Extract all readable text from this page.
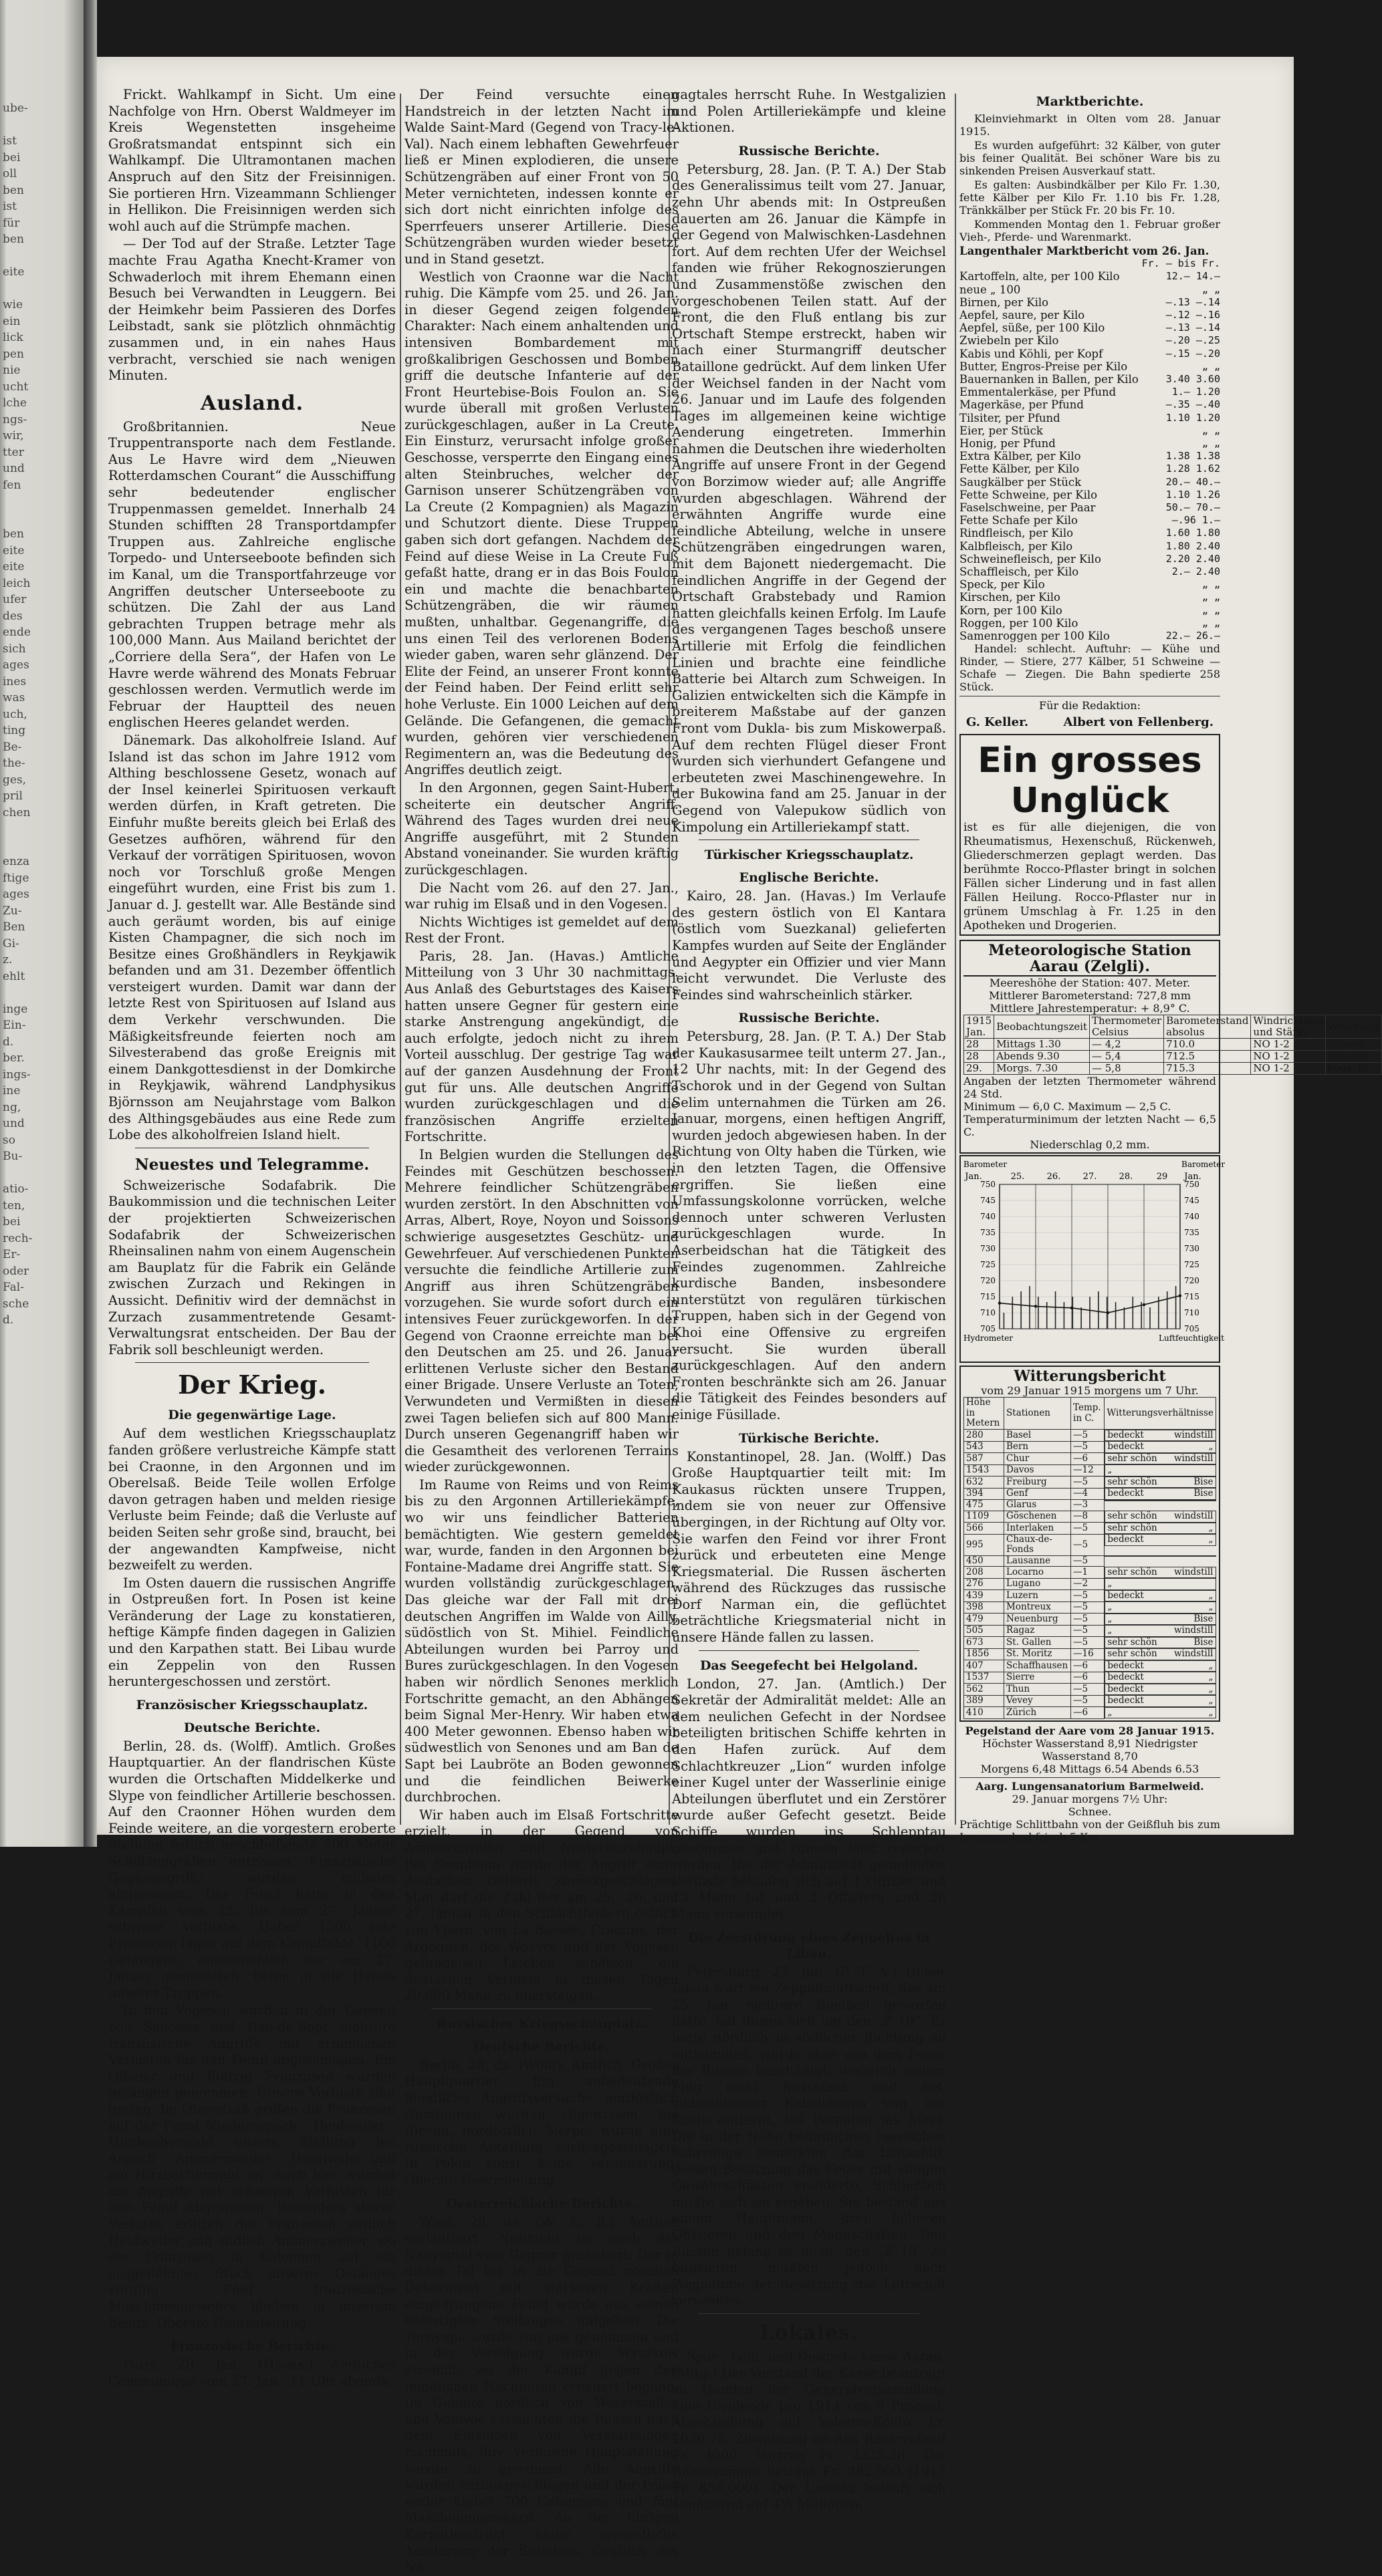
ube-

ist
bei
oll
ben
ist
für
ben

eite

wie
ein
lick
pen
nie
ucht
lche
ngs-
wir,
tter
und
fen

ben
eite
eite
leich
ufer
des
ende
sich
ages
ines
was
uch,
ting
Be-
the-
ges,
pril
chen

enza
ftige
ages
Zu-
Ben
Gi-
z.
ehlt

inge
Ein-
d.
ber.
ings-
ine
ng,
und
so
Bu-

atio-
ten,
bei
rech-
Er-
oder
Fal-
sche
d.

Frickt. Wahlkampf in Sicht. Um eine Nachfolge von Hrn. Oberst Waldmeyer im Kreis Wegenstetten insgeheime Großratsmandat entspinnt sich ein Wahlkampf. Die Ultramontanen machen Anspruch auf den Sitz der Freisinnigen. Sie portieren Hrn. Vizeammann Schlienger in Hellikon. Die Freisinnigen werden sich wohl auch auf die Strümpfe machen.

— Der Tod auf der Straße. Letzter Tage machte Frau Agatha Knecht-Kramer von Schwaderloch mit ihrem Ehemann einen Besuch bei Verwandten in Leuggern. Bei der Heimkehr beim Passieren des Dorfes Leibstadt, sank sie plötzlich ohnmächtig zusammen und, in ein nahes Haus verbracht, verschied sie nach wenigen Minuten.

Ausland.

Großbritannien. Neue Truppentransporte nach dem Festlande. Aus Le Havre wird dem „Nieuwen Rotterdamschen Courant“ die Ausschiffung sehr bedeutender englischer Truppenmassen gemeldet. Innerhalb 24 Stunden schifften 28 Transportdampfer Truppen aus. Zahlreiche englische Torpedo- und Unterseeboote befinden sich im Kanal, um die Transportfahrzeuge vor Angriffen deutscher Unterseeboote zu schützen. Die Zahl der aus Land gebrachten Truppen betrage mehr als 100,000 Mann. Aus Mailand berichtet der „Corriere della Sera“, der Hafen von Le Havre werde während des Monats Februar geschlossen werden. Vermutlich werde im Februar der Hauptteil des neuen englischen Heeres gelandet werden.

Dänemark. Das alkoholfreie Island. Auf Island ist das schon im Jahre 1912 vom Althing beschlossene Gesetz, wonach auf der Insel keinerlei Spirituosen verkauft werden dürfen, in Kraft getreten. Die Einfuhr mußte bereits gleich bei Erlaß des Gesetzes aufhören, während für den Verkauf der vorrätigen Spirituosen, wovon noch vor Torschluß große Mengen eingeführt wurden, eine Frist bis zum 1. Januar d. J. gestellt war. Alle Bestände sind auch geräumt worden, bis auf einige Kisten Champagner, die sich noch im Besitze eines Großhändlers in Reykjawik befanden und am 31. Dezember öffentlich versteigert wurden. Damit war dann der letzte Rest von Spirituosen auf Island aus dem Verkehr verschwunden. Die Mäßigkeitsfreunde feierten noch am Silvesterabend das große Ereignis mit einem Dankgottesdienst in der Domkirche in Reykjawik, während Landphysikus Björnsson am Neujahrstage vom Balkon des Althingsgebäudes aus eine Rede zum Lobe des alkoholfreien Island hielt.

Neuestes und Telegramme.

Schweizerische Sodafabrik. Die Baukommission und die technischen Leiter der projektierten Schweizerischen Sodafabrik der Schweizerischen Rheinsalinen nahm von einem Augenschein am Bauplatz für die Fabrik ein Gelände zwischen Zurzach und Rekingen in Aussicht. Definitiv wird der demnächst in Zurzach zusammentretende Gesamt-Verwaltungsrat entscheiden. Der Bau der Fabrik soll beschleunigt werden.

Der Krieg.
Die gegenwärtige Lage.

Auf dem westlichen Kriegsschauplatz fanden größere verlustreiche Kämpfe statt bei Craonne, in den Argonnen und im Oberelsaß. Beide Teile wollen Erfolge davon getragen haben und melden riesige Verluste beim Feinde; daß die Verluste auf beiden Seiten sehr große sind, braucht, bei der angewandten Kampfweise, nicht bezweifelt zu werden.

Im Osten dauern die russischen Angriffe in Ostpreußen fort. In Posen ist keine Veränderung der Lage zu konstatieren, heftige Kämpfe finden dagegen in Galizien und den Karpathen statt. Bei Libau wurde ein Zeppelin von den Russen heruntergeschossen und zerstört.

Französischer Kriegsschauplatz.
Deutsche Berichte.

Berlin, 28. ds. (Wolff). Amtlich. Großes Hauptquartier. An der flandrischen Küste wurden die Ortschaften Middelkerke und Slype von feindlicher Artillerie beschossen. Auf den Craonner Höhen wurden dem Feinde weitere, an die vorgestern eroberte Stellung östlich anschließende 500 Meter Schützengräben entrissen. Französische Gegenangriffe wurden mühelos abgewiesen. Der Feind hatte in den Kämpfen vom 25. bis zum 27. Januar schwere Verluste. Ueber 1500 tote Franzosen lagen auf dem Kampffelde. 1100 Gefangene, einschließlich der am 27. Januar gemeldeten, fielen in die Hände unserer Truppen.

In den Vogesen wurden in der Gegend von Senones und Ban-de-Sapt mehrere französische Angriffe mit erheblichen Verlusten für den Feind abgeschlagen. Ein Offizier und fünfzig Franzosen wurden gefangen genommen. Unsere Verluste sind gering. Im Oberelsaß griffen die Franzosen auf der Front Niederaspach - Heidweiler - Hirzbacherwald unsere Stellung bei Aspach - Ammerzweiler - Heidweiler und am Hirzbacherwald an. Auch hier wurden die Angriffe mit schweren Verlusten für den Feind abgewiesen. Besonders starke Verluste erlitten die Franzosen südlich Heidweiler und südlich Ammerzweiler, wo ein Franzosen in Kolonnen auf ein ausgedehntes Stück unseres Geländes vorging. Fünf französische Maschinengewehre blieben in unserem Besitz. Oberste Heeresleitung.

Französische Berichte.

Paris, 28. Jan. (Havas.) Amtliches Communiqué vom 27. Jan., 11 Uhr abends:

Der Feind versuchte einen Handstreich in der letzten Nacht im Walde Saint-Mard (Gegend von Tracy-le-Val). Nach einem lebhaften Gewehrfeuer ließ er Minen explodieren, die unsere Schützengräben auf einer Front von 50 Meter vernichteten, indessen konnte er sich dort nicht einrichten infolge des Sperrfeuers unserer Artillerie. Diese Schützengräben wurden wieder besetzt und in Stand gesetzt.

Westlich von Craonne war die Nacht ruhig. Die Kämpfe vom 25. und 26. Jan. in dieser Gegend zeigen folgenden Charakter: Nach einem anhaltenden und intensiven Bombardement mit großkalibrigen Geschossen und Bomben griff die deutsche Infanterie auf der Front Heurtebise-Bois Foulon an. Sie wurde überall mit großen Verlusten zurückgeschlagen, außer in La Creute. Ein Einsturz, verursacht infolge großer Geschosse, versperrte den Eingang eines alten Steinbruches, welcher der Garnison unserer Schützengräben von La Creute (2 Kompagnien) als Magazin und Schutzort diente. Diese Truppen gaben sich dort gefangen. Nachdem der Feind auf diese Weise in La Creute Fuß gefaßt hatte, drang er in das Bois Foulon ein und machte die benachbarten Schützengräben, die wir räumen mußten, unhaltbar. Gegenangriffe, die uns einen Teil des verlorenen Bodens wieder gaben, waren sehr glänzend. Der Elite der Feind, an unserer Front konnte der Feind haben. Der Feind erlitt sehr hohe Verluste. Ein 1000 Leichen auf dem Gelände. Die Gefangenen, die gemacht wurden, gehören vier verschiedenen Regimentern an, was die Bedeutung des Angriffes deutlich zeigt.

In den Argonnen, gegen Saint-Hubert, scheiterte ein deutscher Angriff. Während des Tages wurden drei neue Angriffe ausgeführt, mit 2 Stunden Abstand voneinander. Sie wurden kräftig zurückgeschlagen.

Die Nacht vom 26. auf den 27. Jan., war ruhig im Elsaß und in den Vogesen.

Nichts Wichtiges ist gemeldet auf dem Rest der Front.

Paris, 28. Jan. (Havas.) Amtliche Mitteilung von 3 Uhr 30 nachmittags. Aus Anlaß des Geburtstages des Kaisers hatten unsere Gegner für gestern eine starke Anstrengung angekündigt, die auch erfolgte, jedoch nicht zu ihrem Vorteil ausschlug. Der gestrige Tag war auf der ganzen Ausdehnung der Front gut für uns. Alle deutschen Angriffe wurden zurückgeschlagen und die französischen Angriffe erzielten Fortschritte.

In Belgien wurden die Stellungen des Feindes mit Geschützen beschossen. Mehrere feindlicher Schützengräben wurden zerstört. In den Abschnitten von Arras, Albert, Roye, Noyon und Soissons schwierige ausgesetztes Geschütz- und Gewehrfeuer. Auf verschiedenen Punkten versuchte die feindliche Artillerie zum Angriff aus ihren Schützengräben vorzugehen. Sie wurde sofort durch ein intensives Feuer zurückgeworfen. In der Gegend von Craonne erreichte man bei den Deutschen am 25. und 26. Januar erlittenen Verluste sicher den Bestand einer Brigade. Unsere Verluste an Toten, Verwundeten und Vermißten in diesen zwei Tagen beliefen sich auf 800 Mann. Durch unseren Gegenangriff haben wir die Gesamtheit des verlorenen Terrains wieder zurückgewonnen.

Im Raume von Reims und von Reims bis zu den Argonnen Artilleriekämpfe, wo wir uns feindlicher Batterien bemächtigten. Wie gestern gemeldet war, wurde, fanden in den Argonnen bei Fontaine-Madame drei Angriffe statt. Sie wurden vollständig zurückgeschlagen. Das gleiche war der Fall mit drei deutschen Angriffen im Walde von Ailly, südöstlich von St. Mihiel. Feindliche Abteilungen wurden bei Parroy und Bures zurückgeschlagen. In den Vogesen haben wir nördlich Senones merklich Fortschritte gemacht, an den Abhängen beim Signal Mer-Henry. Wir haben etwa 400 Meter gewonnen. Ebenso haben wir südwestlich von Senones und am Ban de Sapt bei Laubröte an Boden gewonnen und die feindlichen Beiwerke durchbrochen.

Wir haben auch im Elsaß Fortschritte erzielt, in der Gegend von Ammertzweiler und Niederburnhaupt. Bei Sennheim wurde der Angriff einer deutschen Batterie zurückgeschlagen. Man darf die Zahl der am 25., 26. und 27. Januar in den Schlachtfeldern östlich von Ypern, von La Bassée, Craonne, der Argonnen, der Woevre und der Vogesen gefundenen Leichen schätzen, die deutschen Verluste in diesen Tagen 20,000 Mann zu übersteigen.

Russischer Kriegsschauplatz.
Deutsche Berichte.

Berlin, 28. ds. (Wolff). Amtlich. Großes Hauptquartier. Ein unbedeutende feindliche Angriffsversuche nordöstlich Gumbinnen wurden abgewiesen. Bei Biezun, nordöstlich Sierpc, wurde eine russische Abteilung zurückgeschlagen. In Polen sonst keine Veränderung. Oberste Heeresleitung.

Oesterreichische Berichte.

Wien, 28. ds. (W. K. B.) Amtlich verlautbart: Nunmehr ist auch das Nagyagtal vom Gegner gesäubert. Der in dieses Tal bis in die Gegend nördlich Dekörmezö mit stärkeren Kräften eingedrungene Feind wurde aus seinen befestigten Stellungen aufgeben. Die Tornyapa wurde von uns genommen und in der Verfolgung wurde Wyszkow erreicht, wo der Kampf gegen den feindlichen Nachhuten erneuert begann. Im Gebiete nördlich von Wezerszallas und Volovec versuchten die Russen nach dem Einsetzen von Verstärkungen nochmals, ihre verlorene Hauptstellung wieder zu gewinnen. Alle Angriffe wurden zurückgeschlagen und der Feind verlor hiebei 700 Gefangene und fünf Maschinengewehre. An der übrigen Karpathenfront keine wesentliche Aenderung der Situation. Oestlich des Na-

gagtales herrscht Ruhe. In Westgalizien und Polen Artilleriekämpfe und kleine Aktionen.

Russische Berichte.

Petersburg, 28. Jan. (P. T. A.) Der Stab des Generalissimus teilt vom 27. Januar, zehn Uhr abends mit: In Ostpreußen dauerten am 26. Januar die Kämpfe in der Gegend von Malwischken-Lasdehnen fort. Auf dem rechten Ufer der Weichsel fanden wie früher Rekognoszierungen und Zusammenstöße zwischen den vorgeschobenen Teilen statt. Auf der Front, die den Fluß entlang bis zur Ortschaft Stempe erstreckt, haben wir nach einer Sturmangriff deutscher Bataillone gedrückt. Auf dem linken Ufer der Weichsel fanden in der Nacht vom 26. Januar und im Laufe des folgenden Tages im allgemeinen keine wichtige Aenderung eingetreten. Immerhin nahmen die Deutschen ihre wiederholten Angriffe auf unsere Front in der Gegend von Borzimow wieder auf; alle Angriffe wurden abgeschlagen. Während der erwähnten Angriffe wurde eine feindliche Abteilung, welche in unsere Schützengräben eingedrungen waren, mit dem Bajonett niedergemacht. Die feindlichen Angriffe in der Gegend der Ortschaft Grabstebady und Ramion hatten gleichfalls keinen Erfolg. Im Laufe des vergangenen Tages beschoß unsere Artillerie mit Erfolg die feindlichen Linien und brachte eine feindliche Batterie bei Altarch zum Schweigen. In Galizien entwickelten sich die Kämpfe in breiterem Maßstabe auf der ganzen Front vom Dukla- bis zum Miskowerpaß. Auf dem rechten Flügel dieser Front wurden sich vierhundert Gefangene und erbeuteten zwei Maschinengewehre. In der Bukowina fand am 25. Januar in der Gegend von Valepukow südlich von Kimpolung ein Artilleriekampf statt.

Türkischer Kriegsschauplatz.
Englische Berichte.

Kairo, 28. Jan. (Havas.) Im Verlaufe des gestern östlich von El Kantara (östlich vom Suezkanal) gelieferten Kampfes wurden auf Seite der Engländer und Aegypter ein Offizier und vier Mann leicht verwundet. Die Verluste des Feindes sind wahrscheinlich stärker.

Russische Berichte.

Petersburg, 28. Jan. (P. T. A.) Der Stab der Kaukasusarmee teilt unterm 27. Jan., 12 Uhr nachts, mit: In der Gegend des Tschorok und in der Gegend von Sultan Selim unternahmen die Türken am 26. Januar, morgens, einen heftigen Angriff, wurden jedoch abgewiesen haben. In der Richtung von Olty haben die Türken, wie in den letzten Tagen, die Offensive ergriffen. Sie ließen eine Umfassungskolonne vorrücken, welche dennoch unter schweren Verlusten zurückgeschlagen wurde. In Aserbeidschan hat die Tätigkeit des Feindes zugenommen. Zahlreiche kurdische Banden, insbesondere unterstützt von regulären türkischen Truppen, haben sich in der Gegend von Khoi eine Offensive zu ergreifen versucht. Sie wurden überall zurückgeschlagen. Auf den andern Fronten beschränkte sich am 26. Januar die Tätigkeit des Feindes besonders auf einige Füsillade.

Türkische Berichte.

Konstantinopel, 28. Jan. (Wolff.) Das Große Hauptquartier teilt mit: Im Kaukasus rückten unsere Truppen, indem sie von neuer zur Offensive übergingen, in der Richtung auf Olty vor. Sie warfen den Feind vor ihrer Front zurück und erbeuteten eine Menge Kriegsmaterial. Die Russen äscherten während des Rückzuges das russische Dorf Narman ein, die geflüchtet beträchtliche Kriegsmaterial nicht in unsere Hände fallen zu lassen.

Das Seegefecht bei Helgoland.

London, 27. Jan. (Amtlich.) Der Sekretär der Admiralität meldet: Alle an dem neulichen Gefecht in der Nordsee beteiligten britischen Schiffe kehrten in den Hafen zurück. Auf dem Schlachtkreuzer „Lion“ wurden infolge einer Kugel unter der Wasserlinie einige Abteilungen überflutet und ein Zerstörer wurde außer Gefecht gesetzt. Beide Schiffe wurden ins Schlepptau genommen und können bald repariert werden. Die der Admiralität gemeldeten Verluste belaufen sich auf 1 Offizier und 13 Mann tot und 3 Offiziere und 26 Mann verwundet.

Die Zerstörung eines Zeppelins in Libau.

Petersburg, 27. Jan. (P. T. A.) Ueber Libau warf ein Zeppelinluftschiff, das am 25. Jan. mehrere Bomben geworfen hatte, hat dieses sich um den „Z 19“. Er hatte nördlich in südlicher Richtung zu entkommen, wurde aber von dem Feuer der Russen beschädigt, wodurch seinen Flug nicht fortsetzen und fiel, siebenhundert Kabellängen von der Küste entfernt, bei Pernaten ins Meer. Die in der Nähe befindlichen russischen Fahrzeuge bemerkten das Luftschiff, dessen Besatzung das Feuer mit einigen Gewehrschüssen erwiderte. Schließlich mußte sich sie ergeben. Sie bestand aus einem Hauptmann, drei höheren Offizieren und drei Mannschaften. Den Russen gelang es nicht, den „Z 19“ zu bugsieren, mußten jedoch nach Wegnahme der Besatzung das Luftschiff versenken.

Lokales.

Spar-, Leih- und Diskonto-Kasse Aarau. (Mitg.) Der Vorstand der Kasse beantragt zu Handen der Generalversammlung eine Dividende pro 1914 von 5 Prozent, Abschreibung auf Valoren-Konto Fr. 1036.75, Zuweisung an den Reservefond Fr. 4000, Vortrag Fr. 2325.28. Die Bilanzsumme beträgt Fr. 882,000 (1913 Fr. 855,000). Der Umsatz beläuft sich annähernd auf 4½ Millionen.

Marktberichte.

Kleinviehmarkt in Olten vom 28. Januar 1915.

Es wurden aufgeführt: 32 Kälber, von guter bis feiner Qualität. Bei schöner Ware bis zu sinkenden Preisen Ausverkauf statt.

Es galten: Ausbindkälber per Kilo Fr. 1.30, fette Kälber per Kilo Fr. 1.10 bis Fr. 1.28, Tränkkälber per Stück Fr. 20 bis Fr. 10.

Kommenden Montag den 1. Februar großer Vieh-, Pferde- und Warenmarkt.

Langenthaler Marktbericht vom 26. Jan.
Fr. — bis Fr.
Kartoffeln, alte, per 100 Kilo	12.— 14.—
neue „ 100	„ „
Birnen, per Kilo	—.13 —.14
Aepfel, saure, per Kilo	—.12 —.16
Aepfel, süße, per 100 Kilo	—.13 —.14
Zwiebeln per Kilo	—.20 —.25
Kabis und Köhli, per Kopf	—.15 —.20
Butter, Engros-Preise per Kilo	„ „
Bauernanken in Ballen, per Kilo	3.40 3.60
Emmentalerkäse, per Pfund	1.— 1.20
Magerkäse, per Pfund	—.35 —.40
Tilsiter, per Pfund	1.10 1.20
Eier, per Stück	„ „
Honig, per Pfund	„ „
Extra Kälber, per Kilo	1.38 1.38
Fette Kälber, per Kilo	1.28 1.62
Saugkälber per Stück	20.— 40.—
Fette Schweine, per Kilo	1.10 1.26
Faselschweine, per Paar	50.— 70.—
Fette Schafe per Kilo	—.96 1.—
Rindfleisch, per Kilo	1.60 1.80
Kalbfleisch, per Kilo	1.80 2.40
Schweinefleisch, per Kilo	2.20 2.40
Schaffleisch, per Kilo	2.— 2.40
Speck, per Kilo	„ „
Kirschen, per Kilo	„ „
Korn, per 100 Kilo	„ „
Roggen, per 100 Kilo	„ „
Samenroggen per 100 Kilo	22.— 26.—

Handel: schlecht. Auftuhr: — Kühe und Rinder, — Stiere, 277 Kälber, 51 Schweine — Schafe — Ziegen. Die Bahn spedierte 258 Stück.

Für die Redaktion:
G. Keller.	Albert von Fellenberg.
Ein grosses Unglück
ist es für alle diejenigen, die von Rheumatismus, Hexenschuß, Rückenweh, Gliederschmerzen geplagt werden. Das berühmte Rocco-Pflaster bringt in solchen Fällen sicher Linderung und in fast allen Fällen Heilung. Rocco-Pflaster nur in grünem Umschlag à Fr. 1.25 in den Apotheken und Drogerien.
Meteorologische Station Aarau (Zelgli).
Meereshöhe der Station: 407. Meter.
Mittlerer Barometerstand: 727,8 mm
Mittlere Jahrestemperatur: + 8,9° C.
1915 Jan.	Beobachtungszeit	Thermometer Celsius	Barometerstand absolus	Windrichtung und Stärke	Witterung
28	Mittags 1.30	— 4,2	710.0	NO 1-2	Schnee
28	Abends 9.30	— 5,4	712.5	NO 1-2	bewölkt
29.	Morgs. 7.30	— 5,8	715.3	NO 1-2	bedeckt
Angaben der letzten Thermometer während 24 Std.
Minimum — 6,0 C. Maximum — 2,5 C.
Temperaturminimum der letzten Nacht — 6,5 C.
Niederschlag 0,2 mm.
Barometer	Barometer
Jan.	25.	26.	27.	28.	29 Jan.
705	705
710	710
715	715
720	720
725	725
730	730
735	735
740	740
745	745
750	750
Hydrometer	Luftfeuchtigkeit
Witterungsbericht
vom 29 Januar 1915 morgens um 7 Uhr.
Höhe in Metern	Stationen	Temp. in C.	Witterungsverhältnisse
280	Basel	—5	bedeckt	windstill

543	Bern	—5	bedeckt	„

587	Chur	—6	sehr schön windstill

1543	Davos	—12	„

632	Freiburg	—5	sehr schön	Bise

394	Genf	—4	bedeckt	Bise

475	Glarus	—3	

1109	Göschenen	—8	sehr schön windstill

566	Interlaken	—5	sehr schön	„

995	Chaux-de-Fonds	—5	bedeckt	„

450	Lausanne	—5	

208	Locarno	—1	sehr schön windstill

276	Lugano	—2	„

439	Luzern	—5	bedeckt	„

398	Montreux	—5	„	„

479	Neuenburg	—5	„	Bise

505	Ragaz	—5	„	windstill

673	St. Gallen	—5	sehr schön	Bise

1856	St. Moritz	—16	sehr schön windstill

407	Schaffhausen	—6	bedeckt	„

1537	Sierre	—6	bedeckt	„

562	Thun	—5	bedeckt	„

389	Vevey	—5	bedeckt	„

410	Zürich	—6	„	„
Pegelstand der Aare vom 28 Januar 1915.
Höchster Wasserstand 8,91 Niedrigster Wasserstand 8,70
Morgens 6,48 Mittags 6.54 Abends 6.53
Aarg. Lungensanatorium Barmelweid.
29. Januar morgens 7½ Uhr:
Schnee.
Prächtige Schlittbahn von der Geißfluh bis zum Lauenzenbad frisch 5 Km.
